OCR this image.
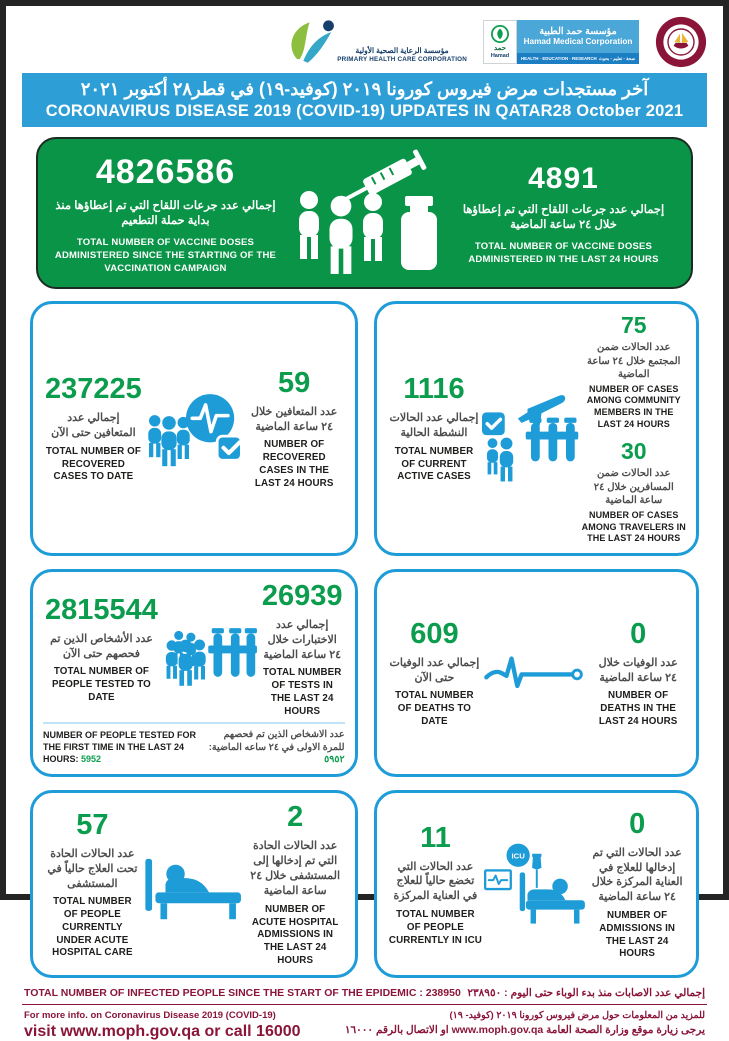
مؤسسة الرعاية الصحية الأولية
PRIMARY HEALTH CARE CORPORATION
حمد
Hamad
مؤسسة حمد الطبية
Hamad Medical Corporation
HEALTH · EDUCATION · RESEARCH صحة - تعليم - بحوث
آخر مستجدات مرض فيروس كورونا ٢٠١٩ (كوفيد-١٩) في قطر٢٨ أكتوبر ٢٠٢١
CORONAVIRUS DISEASE 2019 (COVID-19) UPDATES IN QATAR28 October 2021
4826586
إجمالي عدد جرعات اللقاح التي تم إعطاؤها منذ بداية حملة التطعيم
TOTAL NUMBER OF VACCINE DOSES ADMINISTERED SINCE THE STARTING OF THE VACCINATION CAMPAIGN
4891
إجمالي عدد جرعات اللقاح التي تم إعطاؤها خلال ٢٤ ساعة الماضية
TOTAL NUMBER OF VACCINE DOSES ADMINISTERED IN THE LAST 24 HOURS
237225
إجمالي عدد المتعافين حتى الآن
TOTAL NUMBER OF RECOVERED CASES TO DATE
59
عدد المتعافين خلال ٢٤ ساعة الماضية
NUMBER OF RECOVERED CASES IN THE LAST 24 HOURS
1116
إجمالي عدد الحالات النشطة الحالية
TOTAL NUMBER OF CURRENT ACTIVE CASES
75
عدد الحالات ضمن المجتمع خلال ٢٤ ساعة الماضية
NUMBER OF CASES AMONG COMMUNITY MEMBERS IN THE LAST 24 HOURS
30
عدد الحالات ضمن المسافرين خلال ٢٤ ساعة الماضية
NUMBER OF CASES AMONG TRAVELERS IN THE LAST 24 HOURS
2815544
عدد الأشخاص الذين تم فحصهم حتى الآن
TOTAL NUMBER OF PEOPLE TESTED TO DATE
26939
إجمالي عدد الاختبارات خلال ٢٤ ساعة الماضية
TOTAL NUMBER OF TESTS IN THE LAST 24 HOURS
NUMBER OF PEOPLE TESTED FOR THE FIRST TIME IN THE LAST 24 HOURS: 5952
عدد الاشخاص الذين تم فحصهم للمرة الاولى في ٢٤ ساعه الماضية: ٥٩٥٢
609
إجمالي عدد الوفيات حتى الآن
TOTAL NUMBER OF DEATHS TO DATE
0
عدد الوفيات خلال ٢٤ ساعة الماضية
NUMBER OF DEATHS IN THE LAST 24 HOURS
57
عدد الحالات الحادة تحت العلاج حالياً في المستشفى
TOTAL NUMBER OF PEOPLE CURRENTLY UNDER ACUTE HOSPITAL CARE
2
عدد الحالات الحادة التي تم إدخالها إلى المستشفى خلال ٢٤ ساعة الماضية
NUMBER OF ACUTE HOSPITAL ADMISSIONS IN THE LAST 24 HOURS
11
عدد الحالات التي تخضع حالياً للعلاج في العناية المركزة
TOTAL NUMBER OF PEOPLE CURRENTLY IN ICU
ICU
0
عدد الحالات التي تم إدخالها للعلاج في العناية المركزة خلال ٢٤ ساعة الماضية
NUMBER OF ADMISSIONS IN THE LAST 24 HOURS
TOTAL NUMBER OF INFECTED PEOPLE SINCE THE START OF THE EPIDEMIC : 238950	إجمالي عدد الاصابات منذ بدء الوباء حتى اليوم : ٢٣٨٩٥٠
For more info. on Coronavirus Disease 2019 (COVID-19)
visit www.moph.gov.qa or call 16000
للمزيد من المعلومات حول مرض فيروس كورونا ٢٠١٩ (كوفيد- ١٩)
يرجى زيارة موقع وزارة الصحة العامة www.moph.gov.qa او الاتصال بالرقم ١٦٠٠٠
